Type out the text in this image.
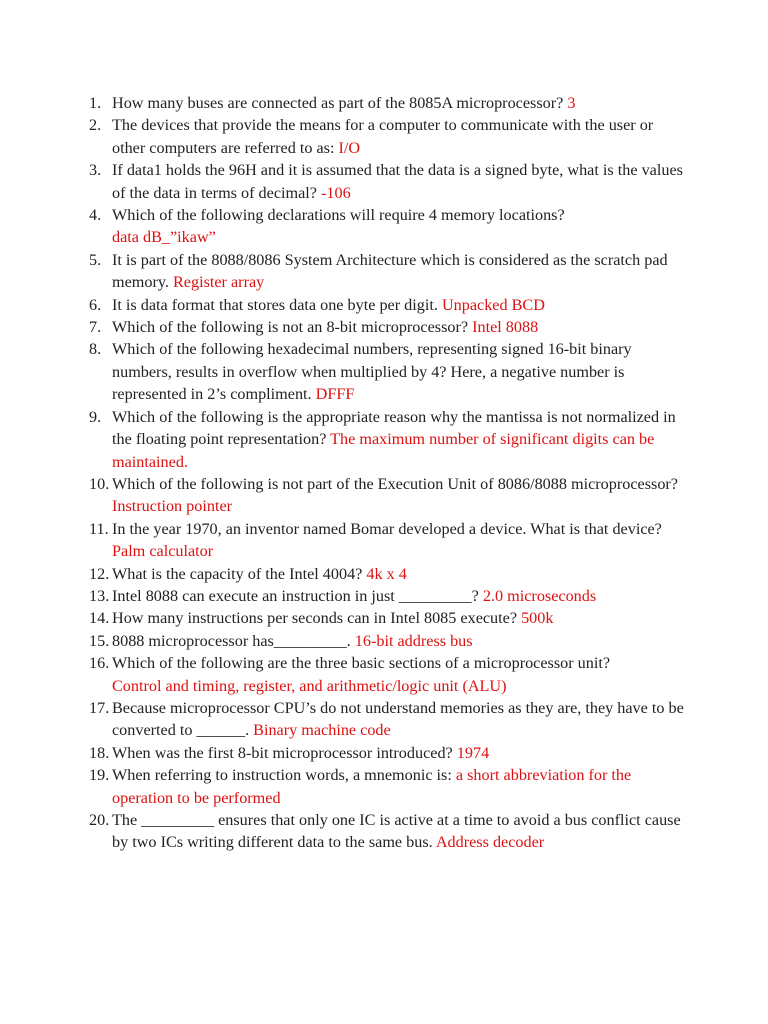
1. How many buses are connected as part of the 8085A microprocessor? 3
2. The devices that provide the means for a computer to communicate with the user or other computers are referred to as: I/O
3. If data1 holds the 96H and it is assumed that the data is a signed byte, what is the values of the data in terms of decimal? -106
4. Which of the following declarations will require 4 memory locations?
data dB_”ikaw”
5. It is part of the 8088/8086 System Architecture which is considered as the scratch pad memory. Register array
6. It is data format that stores data one byte per digit. Unpacked BCD
7. Which of the following is not an 8-bit microprocessor? Intel 8088
8. Which of the following hexadecimal numbers, representing signed 16-bit binary numbers, results in overflow when multiplied by 4? Here, a negative number is represented in 2’s compliment. DFFF
9. Which of the following is the appropriate reason why the mantissa is not normalized in the floating point representation? The maximum number of significant digits can be maintained.
10. Which of the following is not part of the Execution Unit of 8086/8088 microprocessor? Instruction pointer
11. In the year 1970, an inventor named Bomar developed a device. What is that device? Palm calculator
12. What is the capacity of the Intel 4004? 4k x 4
13. Intel 8088 can execute an instruction in just _________? 2.0 microseconds
14. How many instructions per seconds can in Intel 8085 execute? 500k
15. 8088 microprocessor has_________. 16-bit address bus
16. Which of the following are the three basic sections of a microprocessor unit?
Control and timing, register, and arithmetic/logic unit (ALU)
17. Because microprocessor CPU’s do not understand memories as they are, they have to be converted to ______. Binary machine code
18. When was the first 8-bit microprocessor introduced? 1974
19. When referring to instruction words, a mnemonic is: a short abbreviation for the operation to be performed
20. The _________ ensures that only one IC is active at a time to avoid a bus conflict cause by two ICs writing different data to the same bus. Address decoder
